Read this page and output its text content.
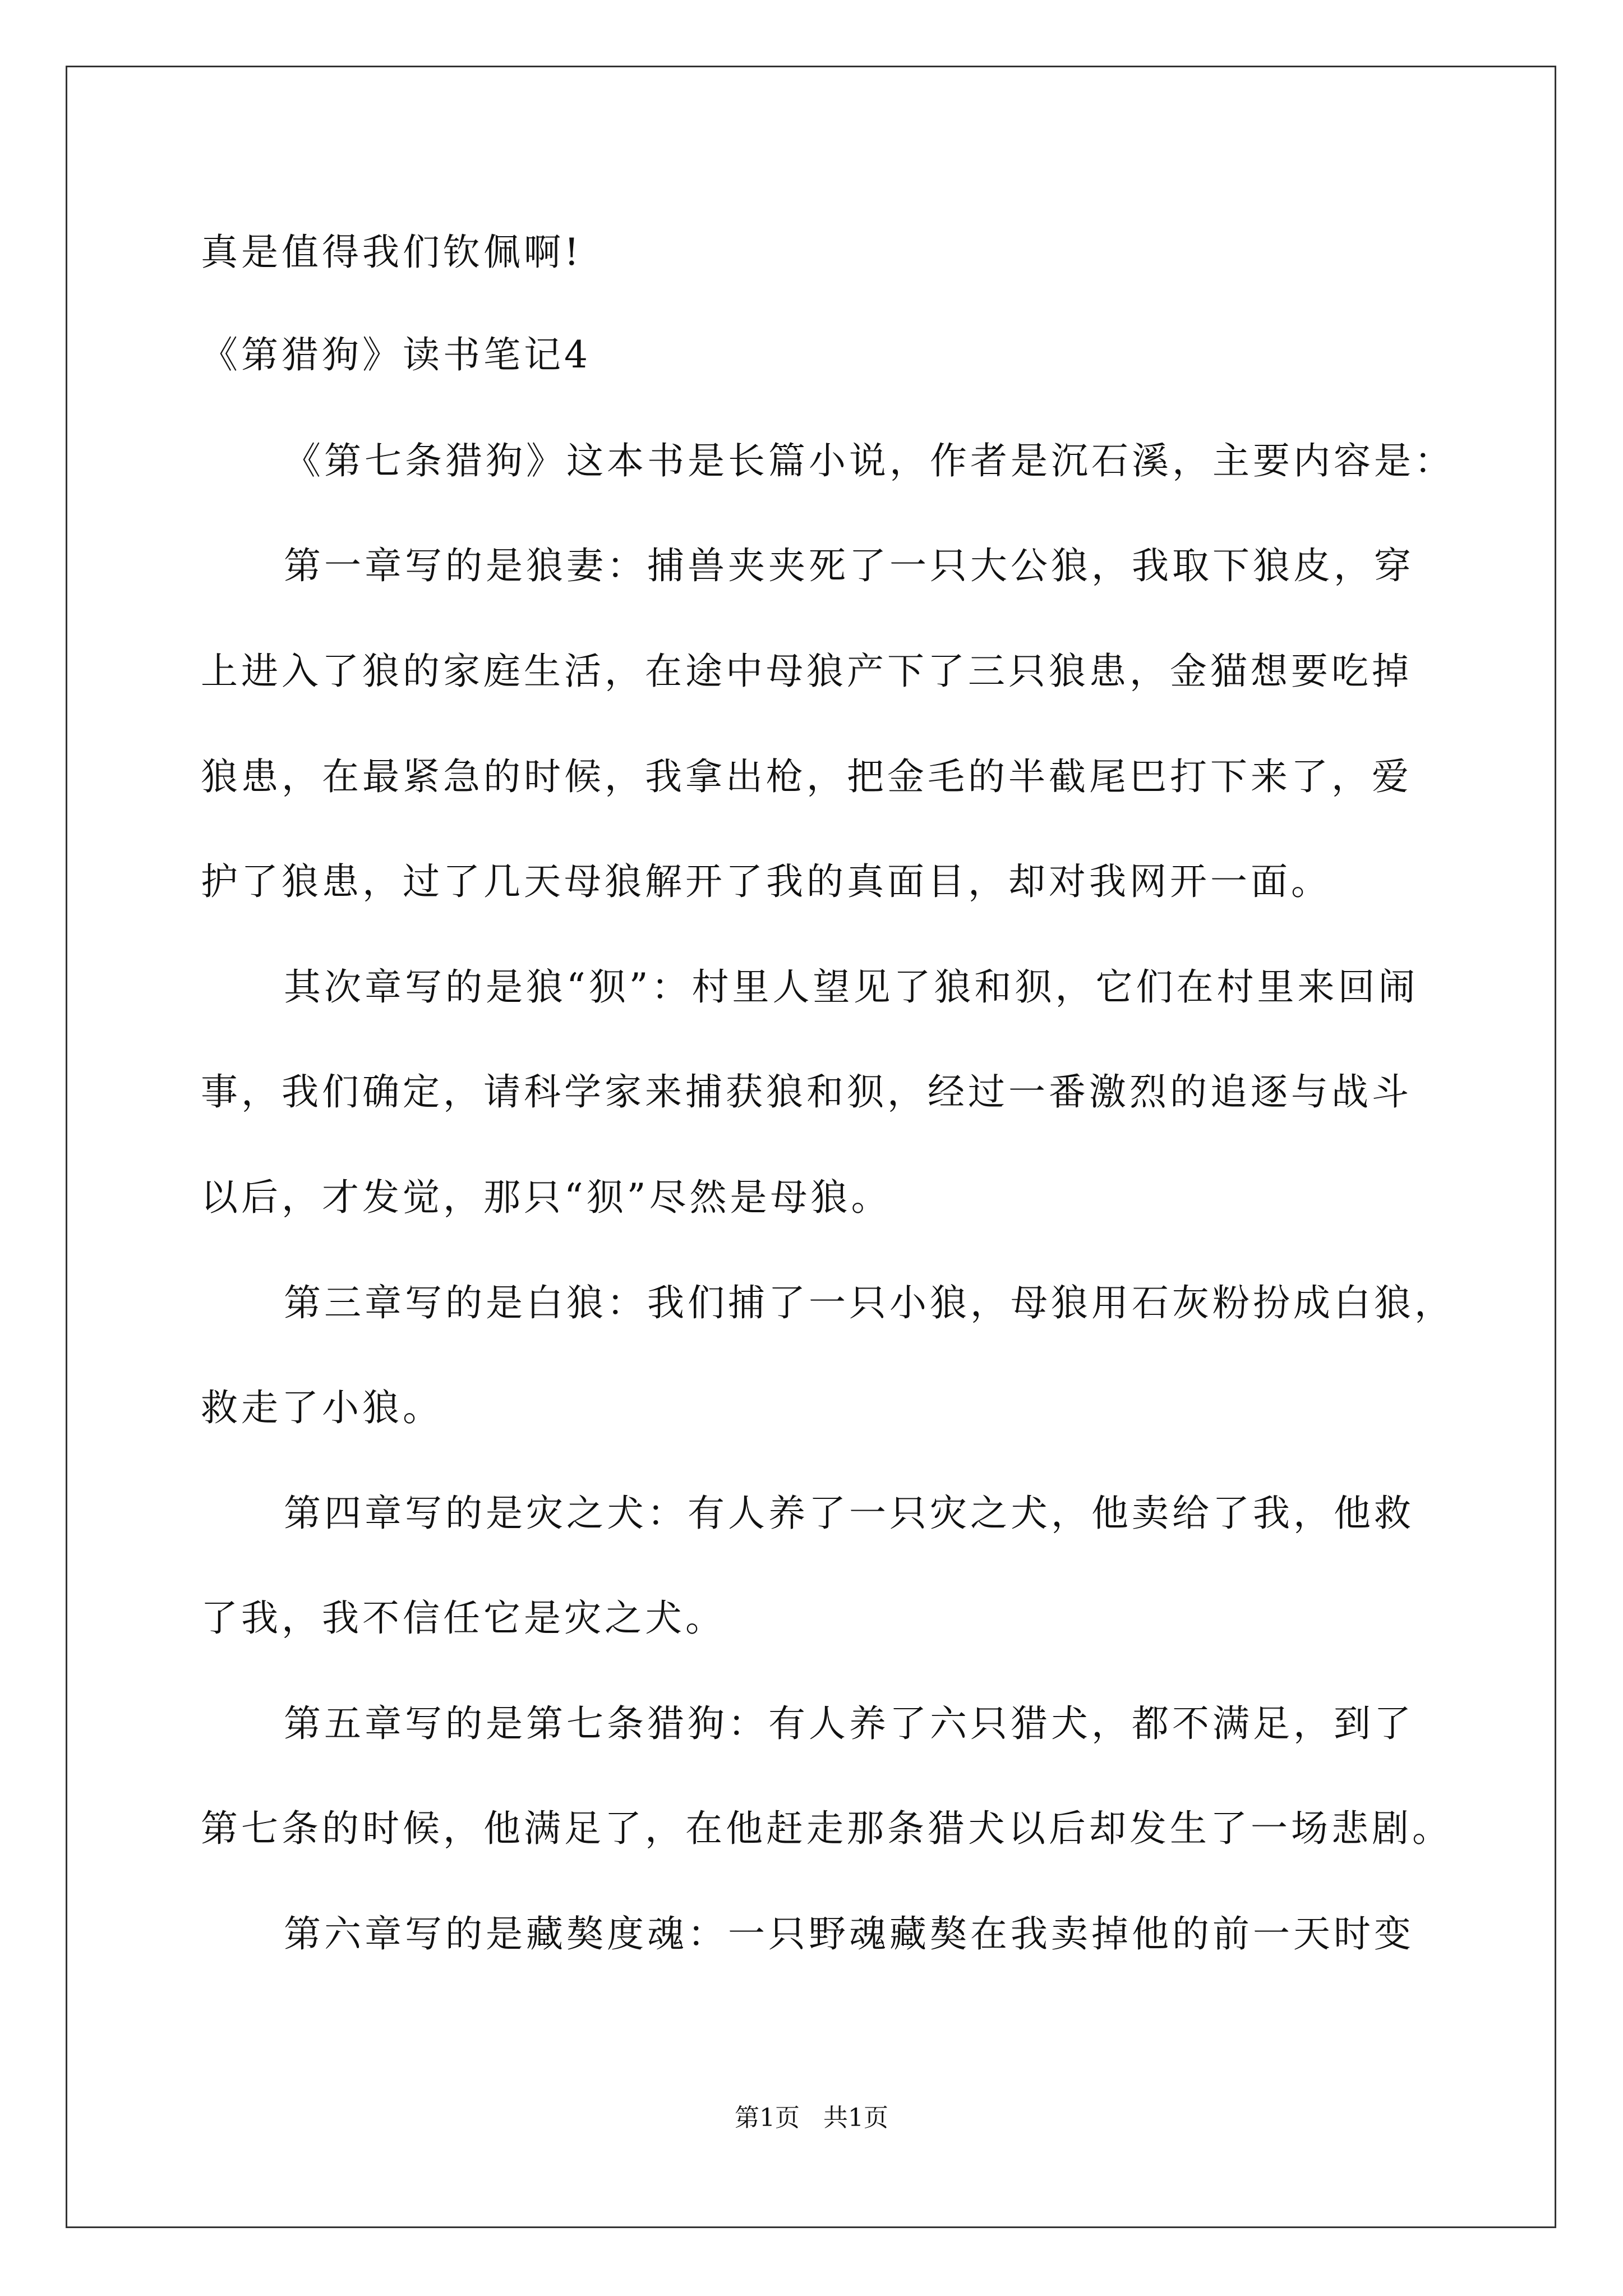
真是值得我们钦佩啊!
《第猎狗》读书笔记4
《第七条猎狗》这本书是长篇小说，作者是沉石溪，主要内容是：
第一章写的是狼妻：捕兽夹夹死了一只大公狼，我取下狼皮，穿
上进入了狼的家庭生活，在途中母狼产下了三只狼患，金猫想要吃掉
狼患，在最紧急的时候，我拿出枪，把金毛的半截尾巴打下来了，爱
护了狼患，过了几天母狼解开了我的真面目，却对我网开一面。
其次章写的是狼“狈”：村里人望见了狼和狈，它们在村里来回闹
事，我们确定，请科学家来捕获狼和狈，经过一番激烈的追逐与战斗
以后，才发觉，那只“狈”尽然是母狼。
第三章写的是白狼：我们捕了一只小狼，母狼用石灰粉扮成白狼，
救走了小狼。
第四章写的是灾之犬：有人养了一只灾之犬，他卖给了我，他救
了我，我不信任它是灾之犬。
第五章写的是第七条猎狗：有人养了六只猎犬，都不满足，到了
第七条的时候，他满足了，在他赶走那条猎犬以后却发生了一场悲剧。
第六章写的是藏獒度魂：一只野魂藏獒在我卖掉他的前一天时变
第1页   共1页
